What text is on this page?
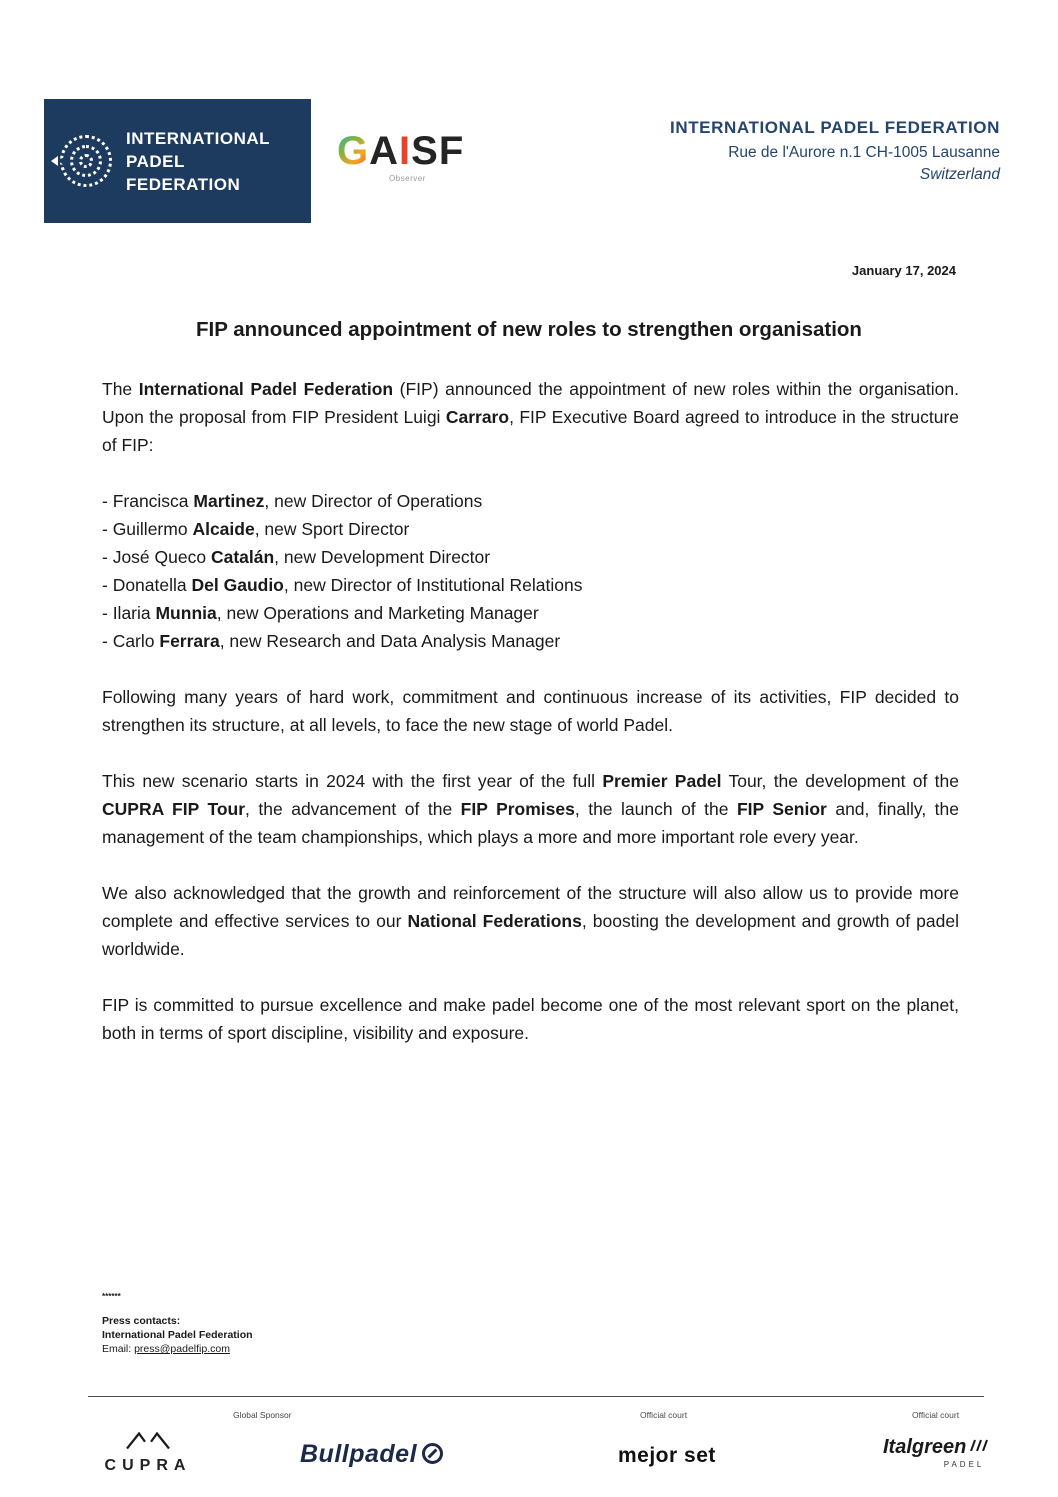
INTERNATIONAL
PADEL
FEDERATION
GAISF
Observer
INTERNATIONAL PADEL FEDERATION
Rue de l'Aurore n.1 CH-1005 Lausanne
Switzerland
January 17, 2024
FIP announced appointment of new roles to strengthen organisation

The International Padel Federation (FIP) announced the appointment of new roles within the organisation. Upon the proposal from FIP President Luigi Carraro, FIP Executive Board agreed to introduce in the structure of FIP:

- Francisca Martinez, new Director of Operations
- Guillermo Alcaide, new Sport Director
- José Queco Catalán, new Development Director
- Donatella Del Gaudio, new Director of Institutional Relations
- Ilaria Munnia, new Operations and Marketing Manager
- Carlo Ferrara, new Research and Data Analysis Manager

Following many years of hard work, commitment and continuous increase of its activities, FIP decided to strengthen its structure, at all levels, to face the new stage of world Padel.

This new scenario starts in 2024 with the first year of the full Premier Padel Tour, the development of the CUPRA FIP Tour, the advancement of the FIP Promises, the launch of the FIP Senior and, finally, the management of the team championships, which plays a more and more important role every year.

We also acknowledged that the growth and reinforcement of the structure will also allow us to provide more complete and effective services to our National Federations, boosting the development and growth of padel worldwide.

FIP is committed to pursue excellence and make padel become one of the most relevant sport on the planet, both in terms of sport discipline, visibility and exposure.

******
Press contacts:
International Padel Federation
Email: press@padelfip.com
Global Sponsor	Official court	Official court
CUPRA	Bullpadel	mejor set	Italgreen
PADEL
